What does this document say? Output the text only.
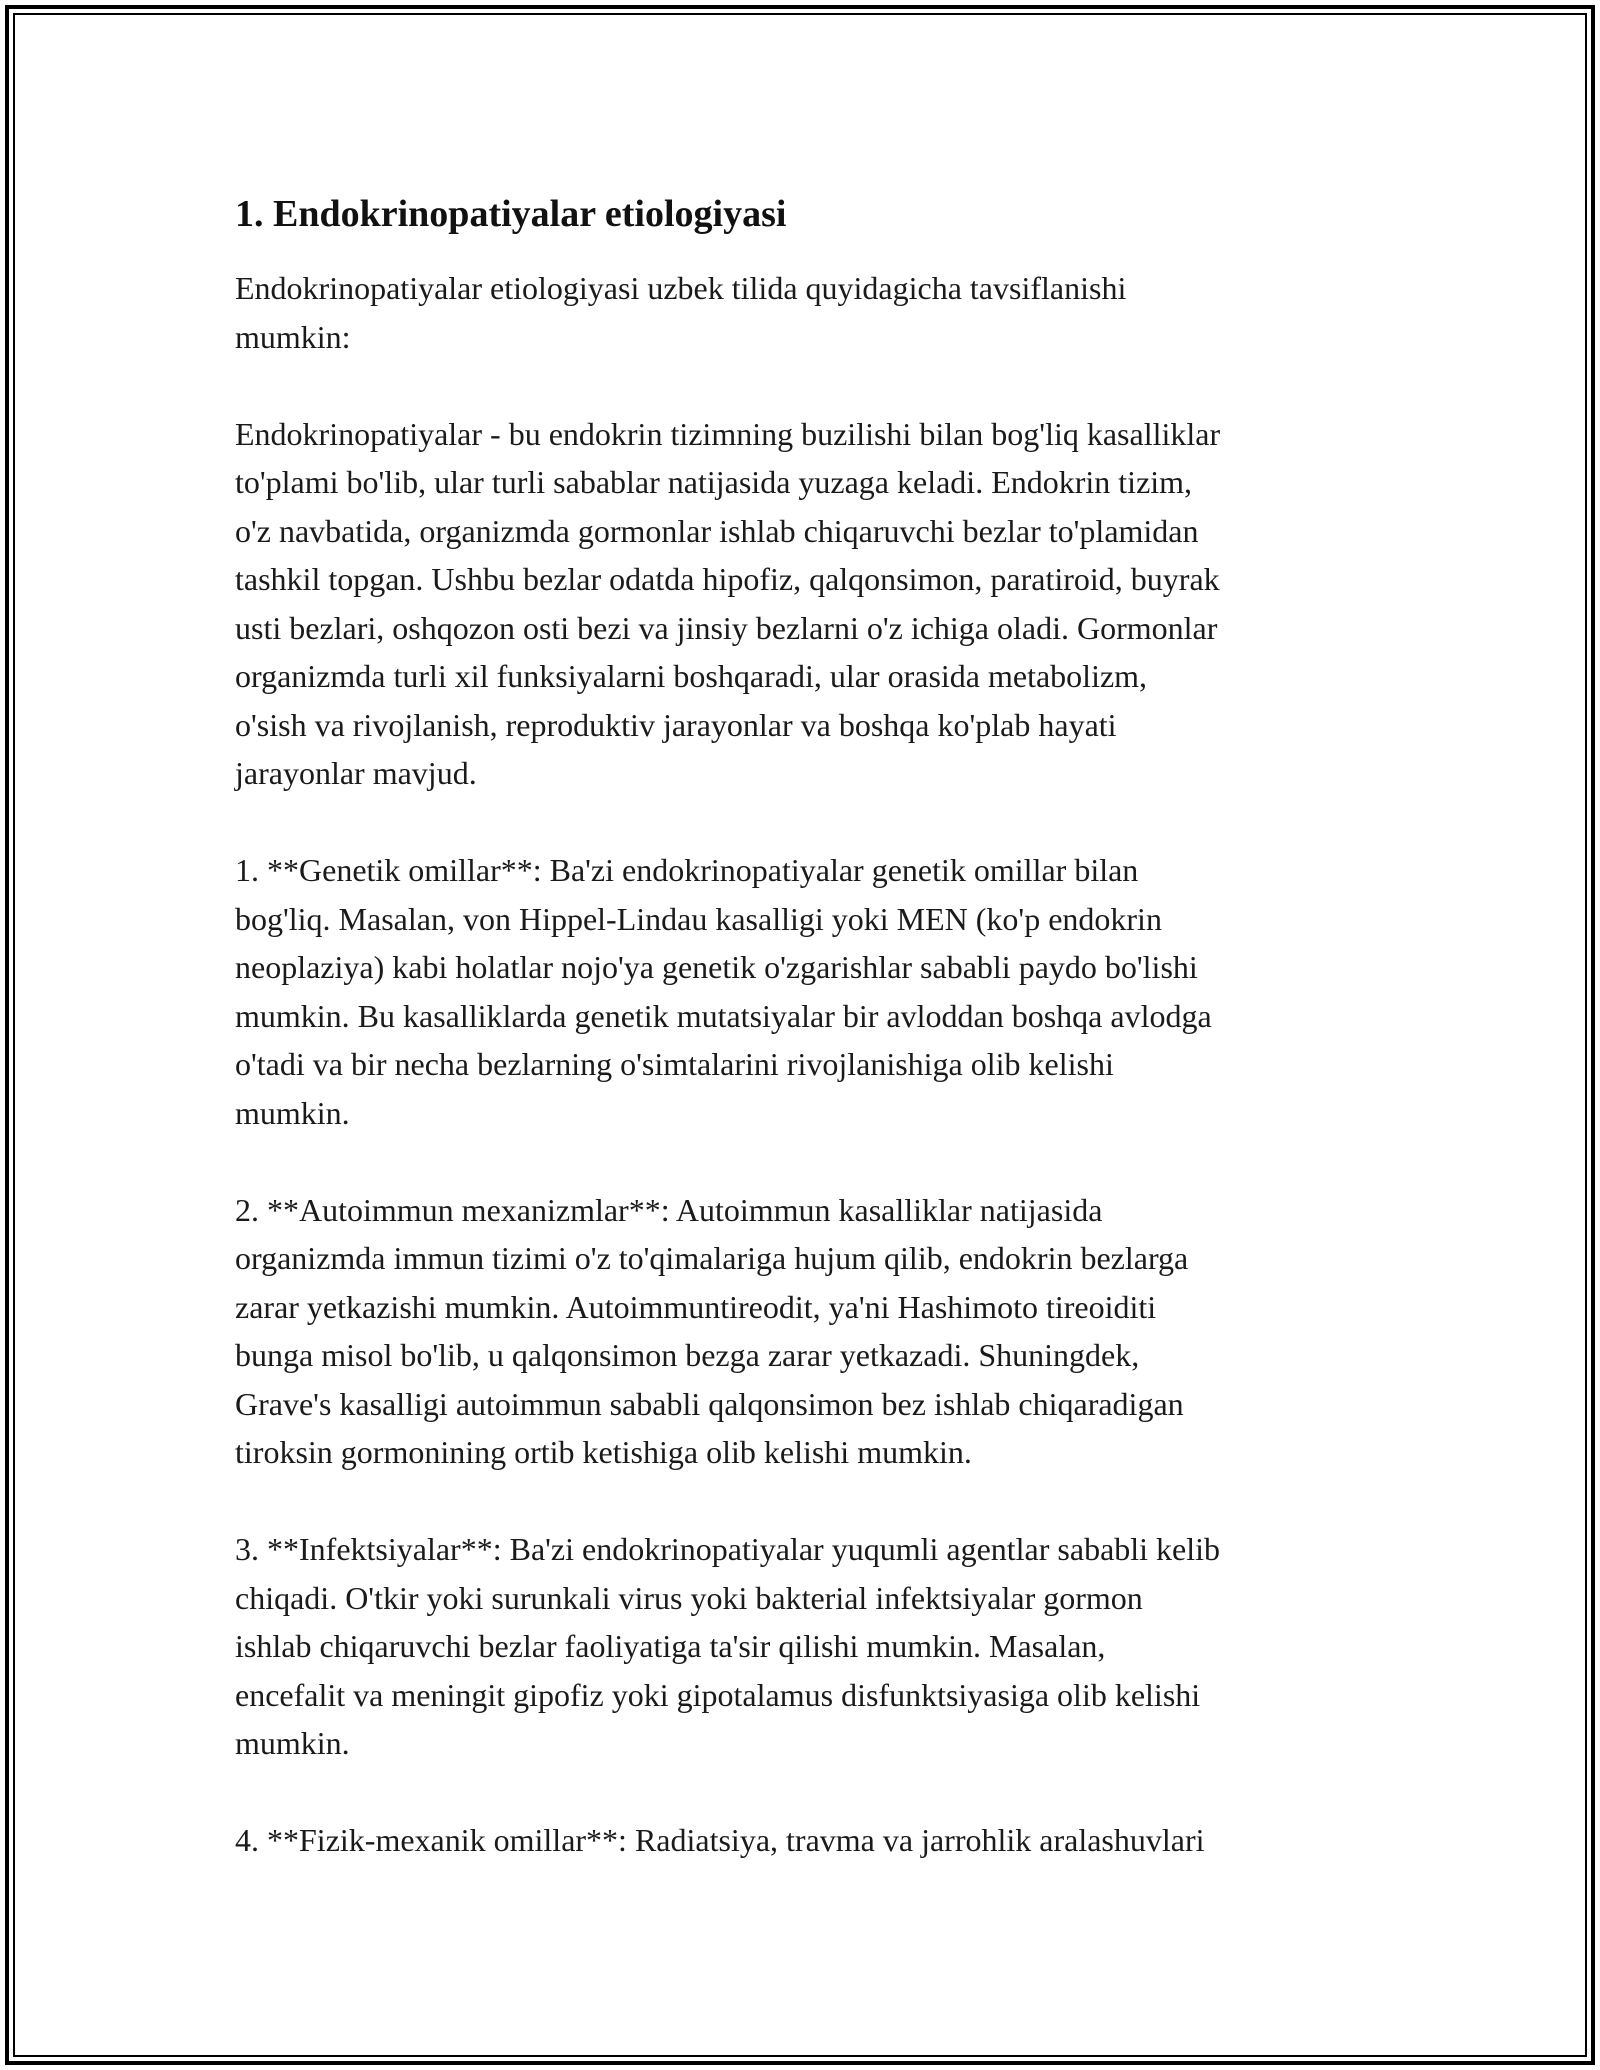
1. Endokrinopatiyalar etiologiyasi

Endokrinopatiyalar etiologiyasi uzbek tilida quyidagicha tavsiflanishi
mumkin:

Endokrinopatiyalar - bu endokrin tizimning buzilishi bilan bog'liq kasalliklar
to'plami bo'lib, ular turli sabablar natijasida yuzaga keladi. Endokrin tizim,
o'z navbatida, organizmda gormonlar ishlab chiqaruvchi bezlar to'plamidan
tashkil topgan. Ushbu bezlar odatda hipofiz, qalqonsimon, paratiroid, buyrak
usti bezlari, oshqozon osti bezi va jinsiy bezlarni o'z ichiga oladi. Gormonlar
organizmda turli xil funksiyalarni boshqaradi, ular orasida metabolizm,
o'sish va rivojlanish, reproduktiv jarayonlar va boshqa ko'plab hayati
jarayonlar mavjud.

1. **Genetik omillar**: Ba'zi endokrinopatiyalar genetik omillar bilan
bog'liq. Masalan, von Hippel-Lindau kasalligi yoki MEN (ko'p endokrin
neoplaziya) kabi holatlar nojo'ya genetik o'zgarishlar sababli paydo bo'lishi
mumkin. Bu kasalliklarda genetik mutatsiyalar bir avloddan boshqa avlodga
o'tadi va bir necha bezlarning o'simtalarini rivojlanishiga olib kelishi
mumkin.

2. **Autoimmun mexanizmlar**: Autoimmun kasalliklar natijasida
organizmda immun tizimi o'z to'qimalariga hujum qilib, endokrin bezlarga
zarar yetkazishi mumkin. Autoimmuntireodit, ya'ni Hashimoto tireoiditi
bunga misol bo'lib, u qalqonsimon bezga zarar yetkazadi. Shuningdek,
Grave's kasalligi autoimmun sababli qalqonsimon bez ishlab chiqaradigan
tiroksin gormonining ortib ketishiga olib kelishi mumkin.

3. **Infektsiyalar**: Ba'zi endokrinopatiyalar yuqumli agentlar sababli kelib
chiqadi. O'tkir yoki surunkali virus yoki bakterial infektsiyalar gormon
ishlab chiqaruvchi bezlar faoliyatiga ta'sir qilishi mumkin. Masalan,
encefalit va meningit gipofiz yoki gipotalamus disfunktsiyasiga olib kelishi
mumkin.

4. **Fizik-mexanik omillar**: Radiatsiya, travma va jarrohlik aralashuvlari
